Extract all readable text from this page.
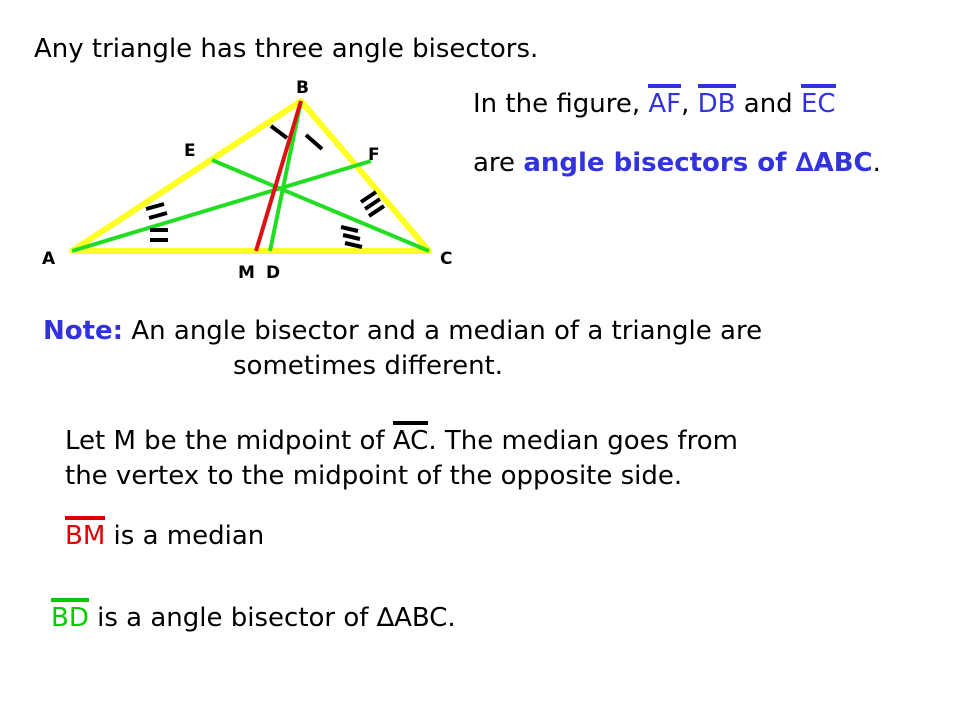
Any triangle has three angle bisectors.
B
E	F
A	C
M D
In the figure, AF, DB and EC
are angle bisectors of ∆ABC.
Note: An angle bisector and a median of a triangle are
sometimes different.
Let M be the midpoint of AC. The median goes from
the vertex to the midpoint of the opposite side.
BM is a median
BD is a angle bisector of ∆ABC.
